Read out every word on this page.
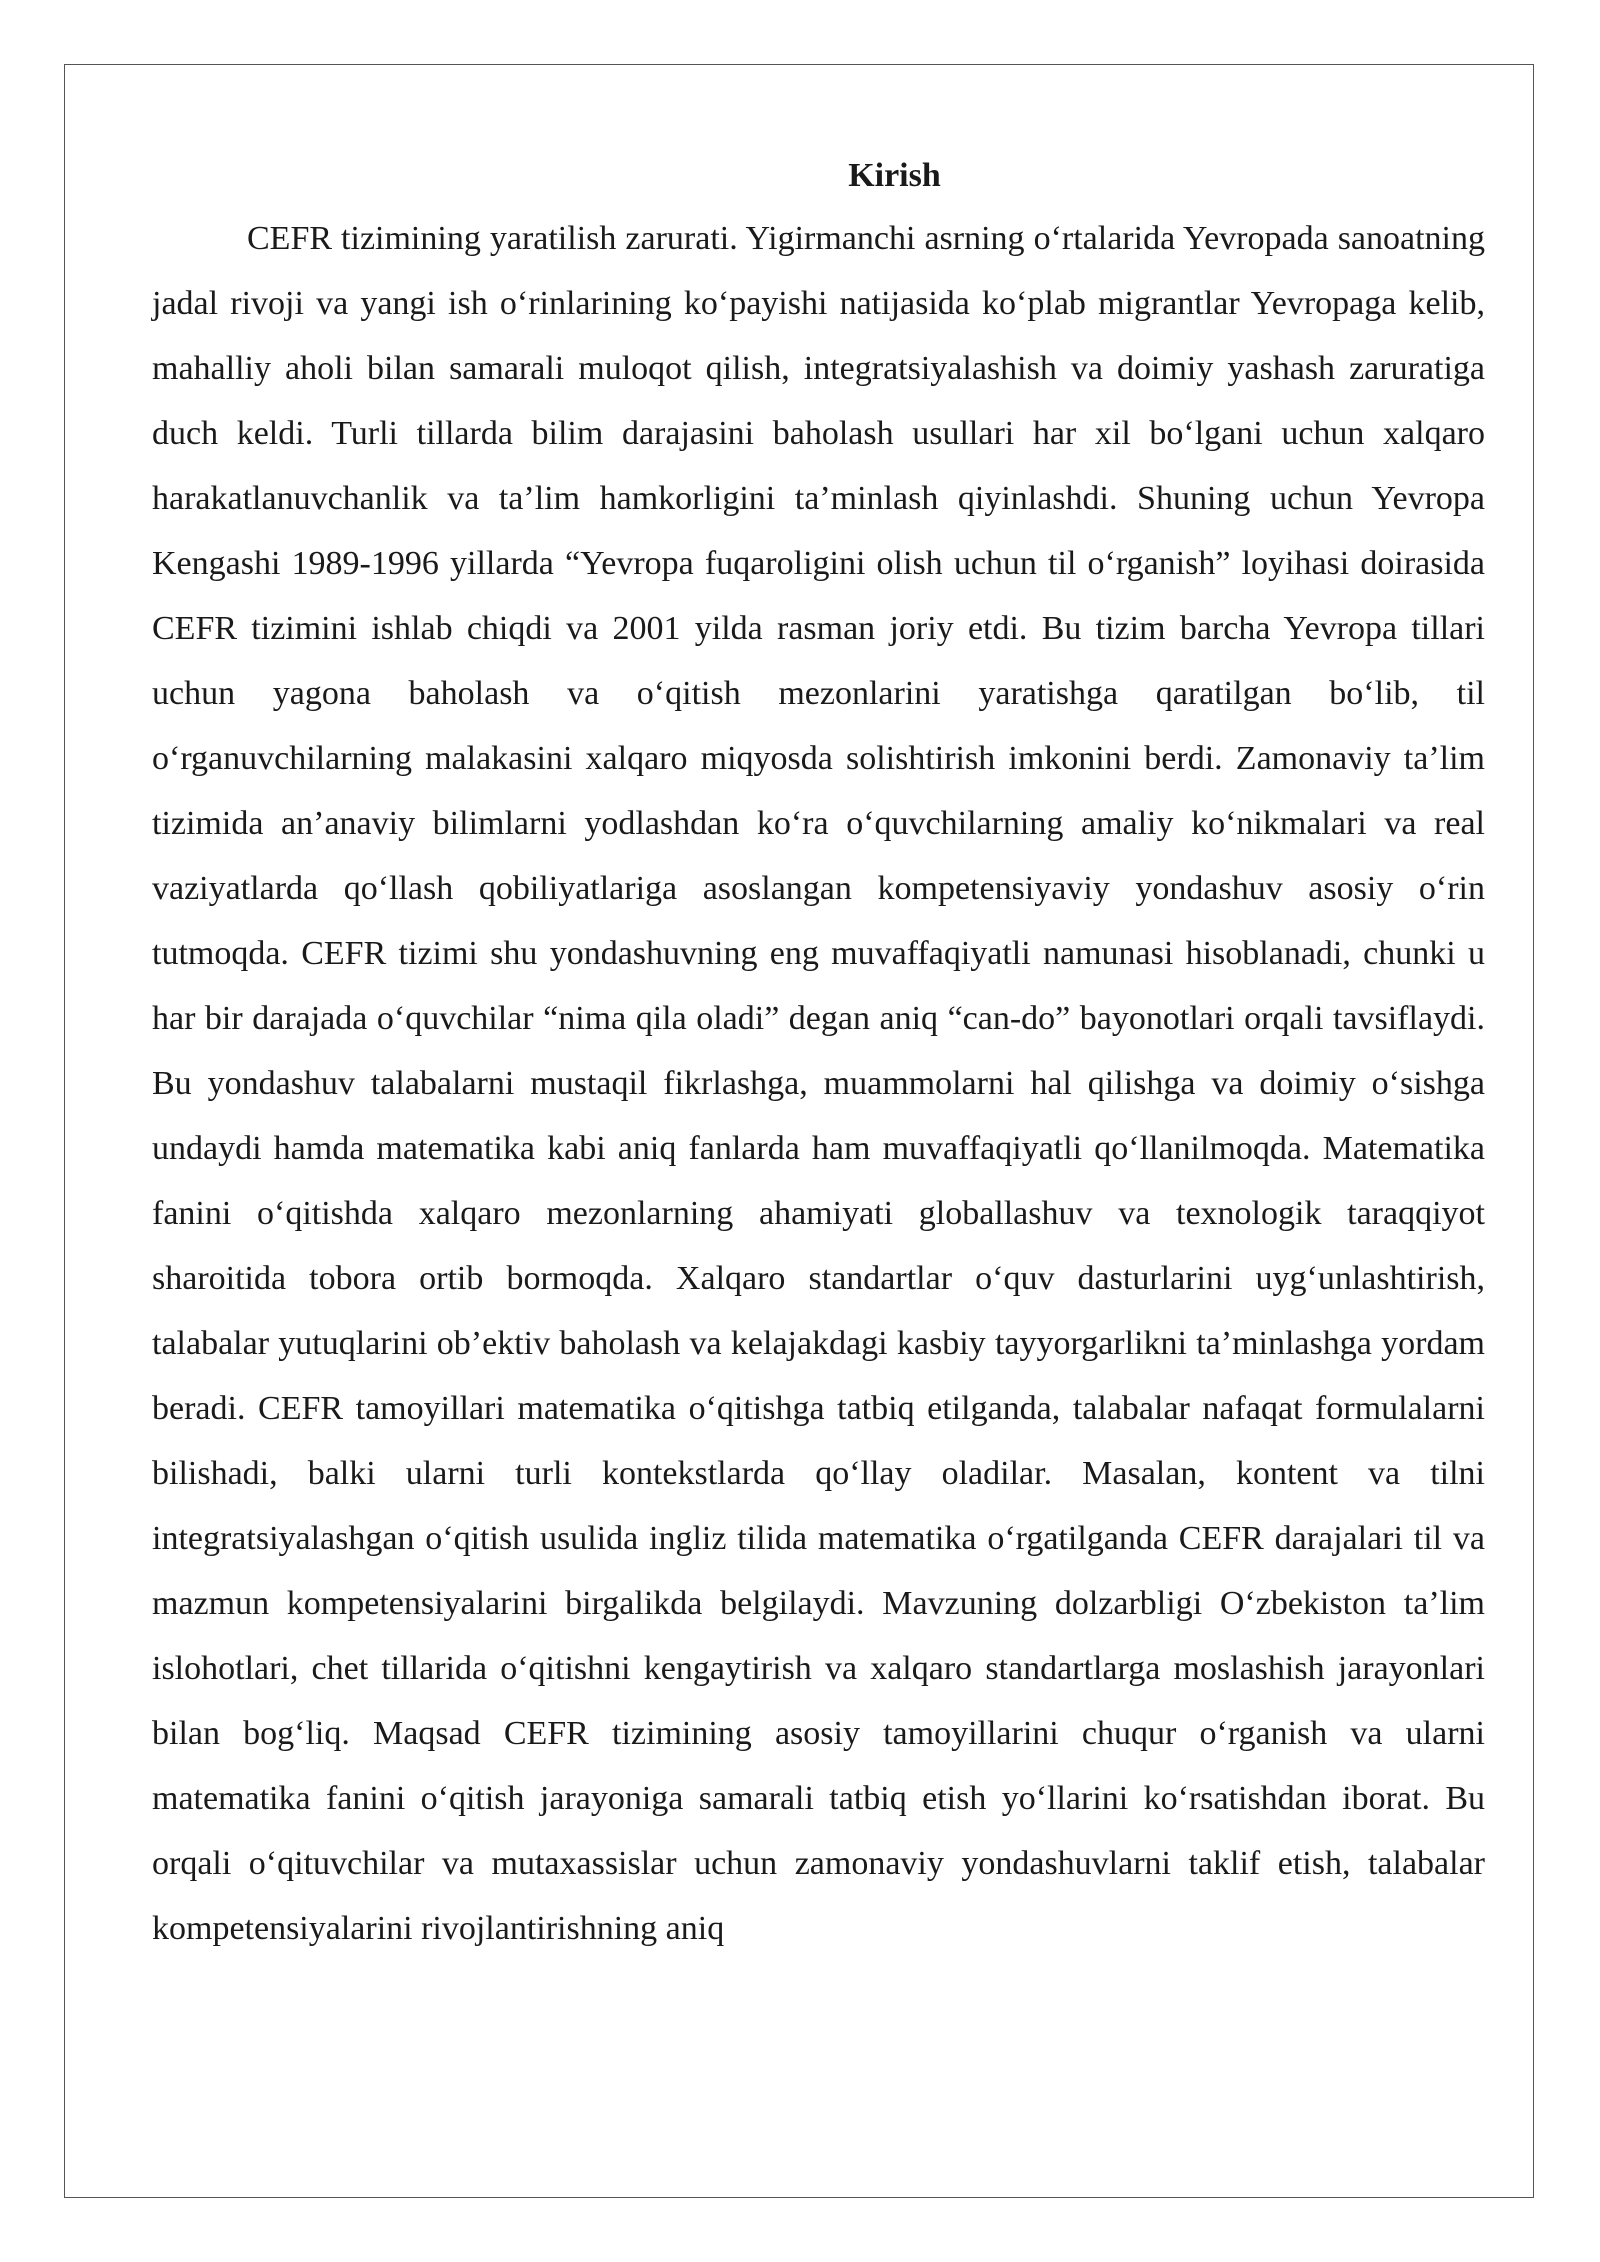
Kirish

CEFR tizimining yaratilish zarurati. Yigirmanchi asrning o‘rtalarida Yevropada sanoatning jadal rivoji va yangi ish o‘rinlarining ko‘payishi natijasida ko‘plab migrantlar Yevropaga kelib, mahalliy aholi bilan samarali muloqot qilish, integratsiyalashish va doimiy yashash zaruratiga duch keldi. Turli tillarda bilim darajasini baholash usullari har xil bo‘lgani uchun xalqaro harakatlanuvchanlik va ta’lim hamkorligini ta’minlash qiyinlashdi. Shuning uchun Yevropa Kengashi 1989-1996 yillarda “Yevropa fuqaroligini olish uchun til o‘rganish” loyihasi doirasida CEFR tizimini ishlab chiqdi va 2001 yilda rasman joriy etdi. Bu tizim barcha Yevropa tillari uchun yagona baholash va o‘qitish mezonlarini yaratishga qaratilgan bo‘lib, til o‘rganuvchilarning malakasini xalqaro miqyosda solishtirish imkonini berdi. Zamonaviy ta’lim tizimida an’anaviy bilimlarni yodlashdan ko‘ra o‘quvchilarning amaliy ko‘nikmalari va real vaziyatlarda qo‘llash qobiliyatlariga asoslangan kompetensiyaviy yondashuv asosiy o‘rin tutmoqda. CEFR tizimi shu yondashuvning eng muvaffaqiyatli namunasi hisoblanadi, chunki u har bir darajada o‘quvchilar “nima qila oladi” degan aniq “can-do” bayonotlari orqali tavsiflaydi. Bu yondashuv talabalarni mustaqil fikrlashga, muammolarni hal qilishga va doimiy o‘sishga undaydi hamda matematika kabi aniq fanlarda ham muvaffaqiyatli qo‘llanilmoqda. Matematika fanini o‘qitishda xalqaro mezonlarning ahamiyati globallashuv va texnologik taraqqiyot sharoitida tobora ortib bormoqda. Xalqaro standartlar o‘quv dasturlarini uyg‘unlashtirish, talabalar yutuqlarini ob’ektiv baholash va kelajakdagi kasbiy tayyorgarlikni ta’minlashga yordam beradi. CEFR tamoyillari matematika o‘qitishga tatbiq etilganda, talabalar nafaqat formulalarni bilishadi, balki ularni turli kontekstlarda qo‘llay oladilar. Masalan, kontent va tilni integratsiyalashgan o‘qitish usulida ingliz tilida matematika o‘rgatilganda CEFR darajalari til va mazmun kompetensiyalarini birgalikda belgilaydi. Mavzuning dolzarbligi O‘zbekiston ta’lim islohotlari, chet tillarida o‘qitishni kengaytirish va xalqaro standartlarga moslashish jarayonlari bilan bog‘liq. Maqsad CEFR tizimining asosiy tamoyillarini chuqur o‘rganish va ularni matematika fanini o‘qitish jarayoniga samarali tatbiq etish yo‘llarini ko‘rsatishdan iborat. Bu orqali o‘qituvchilar va mutaxassislar uchun zamonaviy yondashuvlarni taklif etish, talabalar kompetensiyalarini rivojlantirishning aniq
